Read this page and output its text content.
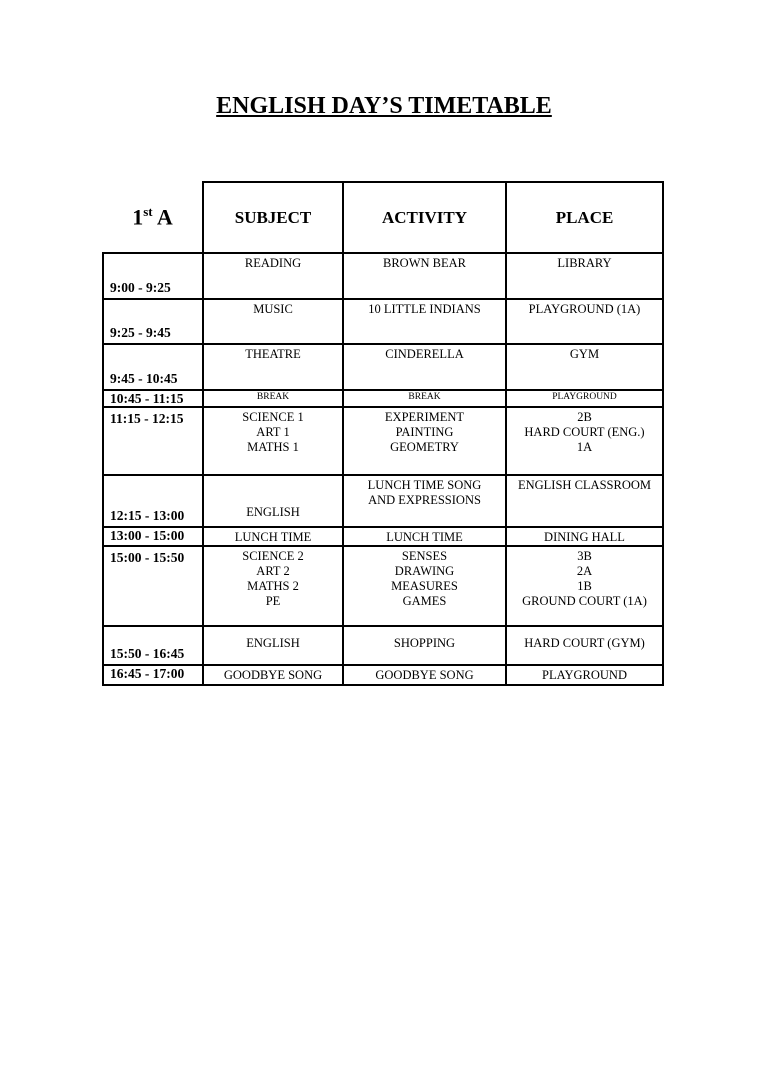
ENGLISH DAY’S TIMETABLE
1st A	SUBJECT	ACTIVITY	PLACE
9:00 - 9:25	READING	BROWN BEAR	LIBRARY

9:25 - 9:45	MUSIC	10 LITTLE INDIANS	PLAYGROUND (1A)

9:45 - 10:45	THEATRE	CINDERELLA	GYM

10:45 - 11:15	BREAK	BREAK	PLAYGROUND

11:15 - 12:15	SCIENCE 1
ART 1
MATHS 1	EXPERIMENT
PAINTING
GEOMETRY	2B
HARD COURT (ENG.)
1A

12:15 - 13:00	ENGLISH	LUNCH TIME SONG
AND EXPRESSIONS	ENGLISH CLASSROOM

13:00 - 15:00	LUNCH TIME	LUNCH TIME	DINING HALL

15:00 - 15:50	SCIENCE 2
ART 2
MATHS 2
PE	SENSES
DRAWING
MEASURES
GAMES	3B
2A
1B
GROUND COURT (1A)

15:50 - 16:45	ENGLISH	SHOPPING	HARD COURT (GYM)

16:45 - 17:00	GOODBYE SONG	GOODBYE SONG	PLAYGROUND
